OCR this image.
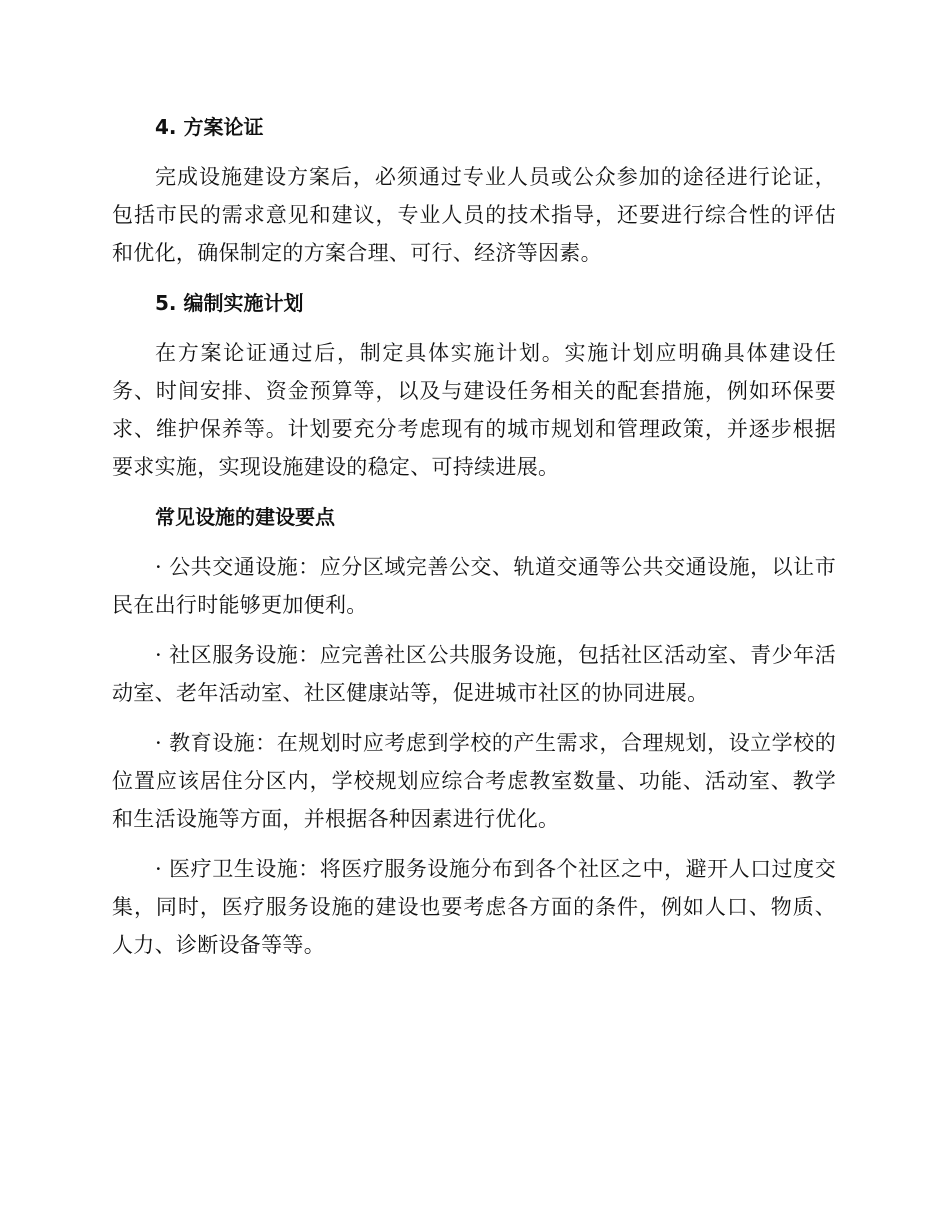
4. 方案论证

完成设施建设方案后，必须通过专业人员或公众参加的途径进行论证，包括市民的需求意见和建议，专业人员的技术指导，还要进行综合性的评估和优化，确保制定的方案合理、可行、经济等因素。

5. 编制实施计划

在方案论证通过后，制定具体实施计划。实施计划应明确具体建设任务、时间安排、资金预算等，以及与建设任务相关的配套措施，例如环保要求、维护保养等。计划要充分考虑现有的城市规划和管理政策，并逐步根据要求实施，实现设施建设的稳定、可持续进展。

常见设施的建设要点

· 公共交通设施：应分区域完善公交、轨道交通等公共交通设施，以让市民在出行时能够更加便利。

· 社区服务设施：应完善社区公共服务设施，包括社区活动室、青少年活动室、老年活动室、社区健康站等，促进城市社区的协同进展。

· 教育设施：在规划时应考虑到学校的产生需求，合理规划，设立学校的位置应该居住分区内，学校规划应综合考虑教室数量、功能、活动室、教学和生活设施等方面，并根据各种因素进行优化。

· 医疗卫生设施：将医疗服务设施分布到各个社区之中，避开人口过度交集，同时，医疗服务设施的建设也要考虑各方面的条件，例如人口、物质、人力、诊断设备等等。
